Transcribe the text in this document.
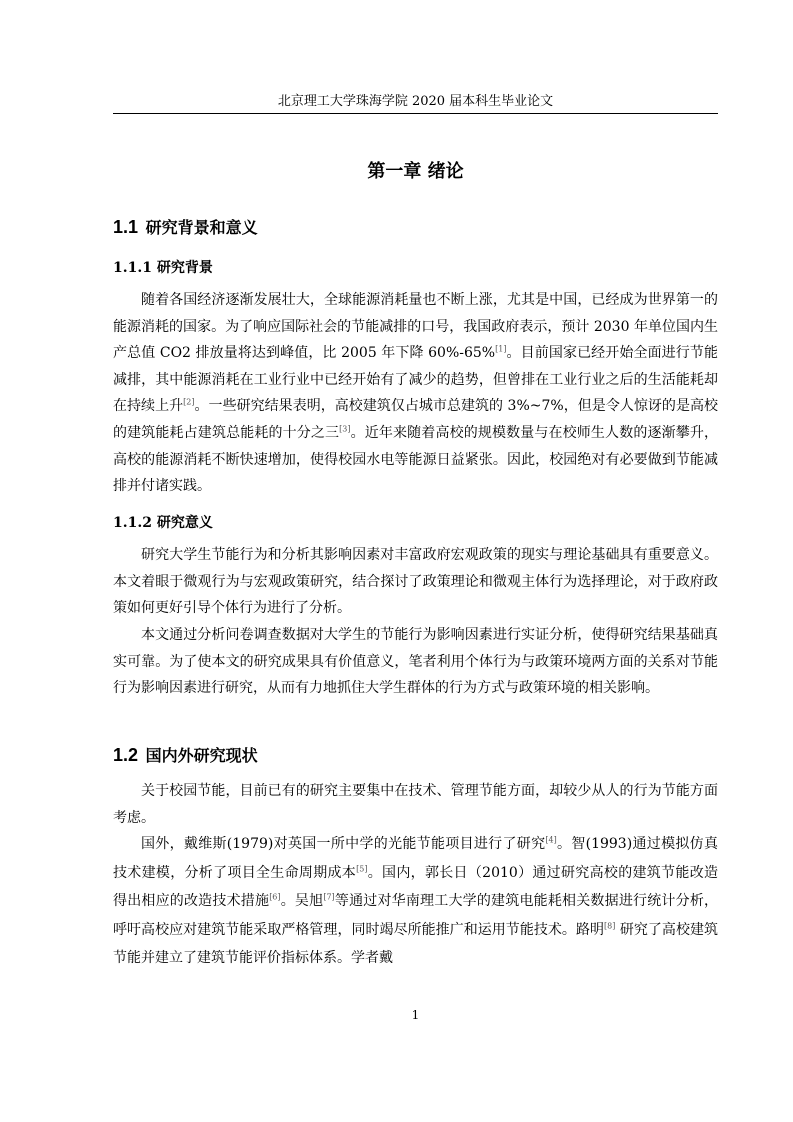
北京理工大学珠海学院 2020 届本科生毕业论文
第一章 绪论
1.1 研究背景和意义
1.1.1 研究背景

随着各国经济逐渐发展壮大，全球能源消耗量也不断上涨，尤其是中国，已经成为世界第一的能源消耗的国家。为了响应国际社会的节能减排的口号，我国政府表示，预计 2030 年单位国内生产总值 CO2 排放量将达到峰值，比 2005 年下降 60%-65%[1]。目前国家已经开始全面进行节能减排，其中能源消耗在工业行业中已经开始有了减少的趋势，但曾排在工业行业之后的生活能耗却在持续上升[2]。一些研究结果表明，高校建筑仅占城市总建筑的 3%~7%，但是令人惊讶的是高校的建筑能耗占建筑总能耗的十分之三[3]。近年来随着高校的规模数量与在校师生人数的逐渐攀升，高校的能源消耗不断快速增加，使得校园水电等能源日益紧张。因此，校园绝对有必要做到节能减排并付诸实践。

1.1.2 研究意义

研究大学生节能行为和分析其影响因素对丰富政府宏观政策的现实与理论基础具有重要意义。本文着眼于微观行为与宏观政策研究，结合探讨了政策理论和微观主体行为选择理论，对于政府政策如何更好引导个体行为进行了分析。

本文通过分析问卷调查数据对大学生的节能行为影响因素进行实证分析，使得研究结果基础真实可靠。为了使本文的研究成果具有价值意义，笔者利用个体行为与政策环境两方面的关系对节能行为影响因素进行研究，从而有力地抓住大学生群体的行为方式与政策环境的相关影响。

1.2 国内外研究现状

关于校园节能，目前已有的研究主要集中在技术、管理节能方面，却较少从人的行为节能方面考虑。

国外，戴维斯(1979)对英国一所中学的光能节能项目进行了研究[4]。智(1993)通过模拟仿真技术建模，分析了项目全生命周期成本[5]。国内，郭长日（2010）通过研究高校的建筑节能改造得出相应的改造技术措施[6]。吴旭[7]等通过对华南理工大学的建筑电能耗相关数据进行统计分析，呼吁高校应对建筑节能采取严格管理，同时竭尽所能推广和运用节能技术。路明[8] 研究了高校建筑节能并建立了建筑节能评价指标体系。学者戴

1
